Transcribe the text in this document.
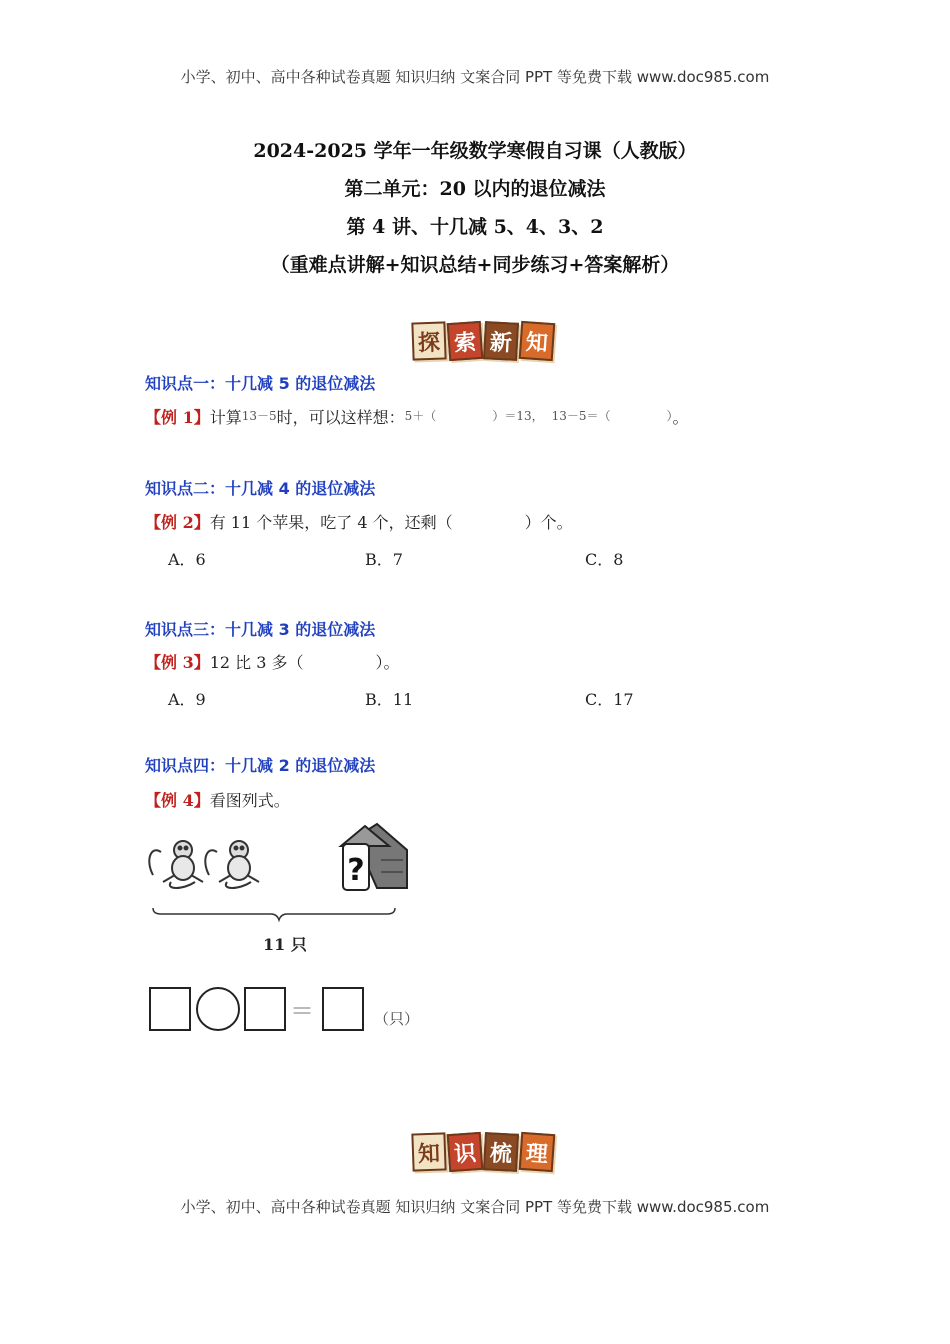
小学、初中、高中各种试卷真题 知识归纳 文案合同 PPT 等免费下载 www.doc985.com
2024-2025 学年一年级数学寒假自习课（人教版）
第二单元：20 以内的退位减法
第 4 讲、十几减 5、4、3、2
（重难点讲解+知识总结+同步练习+答案解析）
探 索 新 知
知识点一：十几减 5 的退位减法
【例 1】计算13－5时，可以这样想：5＋（	）＝13， 13－5＝（	）。
知识点二：十几减 4 的退位减法
【例 2】有 11 个苹果，吃了 4 个，还剩（	）个。
A．6	B．7	C．8
知识点三：十几减 3 的退位减法
【例 3】12 比 3 多（	）。
A．9	B．11	C．17
知识点四：十几减 2 的退位减法
【例 4】看图列式。
?
11 只
＝	（只）
知 识 梳 理
小学、初中、高中各种试卷真题 知识归纳 文案合同 PPT 等免费下载 www.doc985.com
